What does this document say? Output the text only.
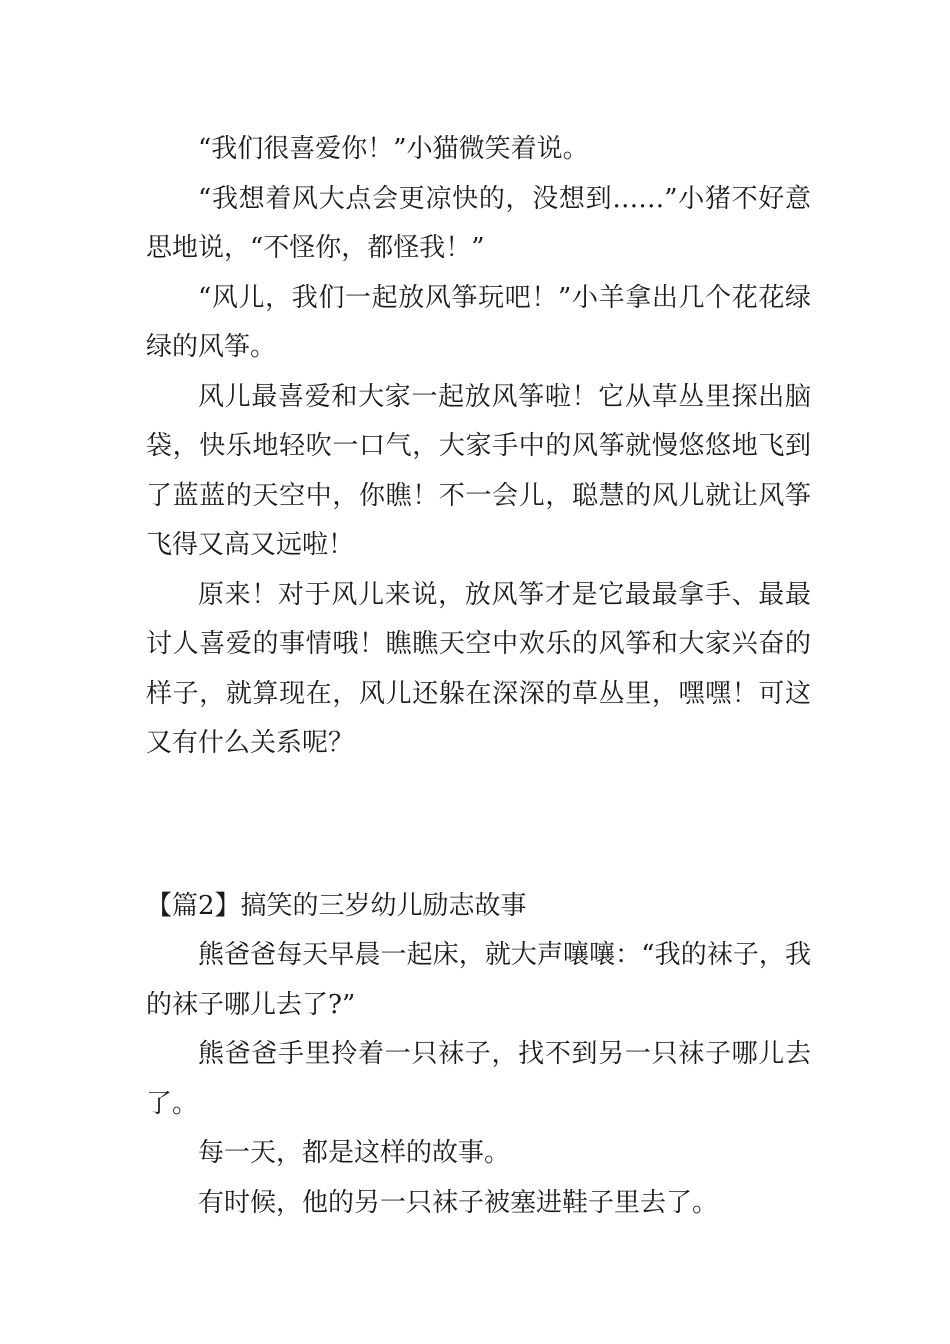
“我们很喜爱你！”小猫微笑着说。

“我想着风大点会更凉快的，没想到……”小猪不好意思地说，“不怪你，都怪我！”

“风儿，我们一起放风筝玩吧！”小羊拿出几个花花绿绿的风筝。

风儿最喜爱和大家一起放风筝啦！它从草丛里探出脑袋，快乐地轻吹一口气，大家手中的风筝就慢悠悠地飞到了蓝蓝的天空中，你瞧！不一会儿，聪慧的风儿就让风筝飞得又高又远啦！

原来！对于风儿来说，放风筝才是它最最拿手、最最讨人喜爱的事情哦！瞧瞧天空中欢乐的风筝和大家兴奋的样子，就算现在，风儿还躲在深深的草丛里，嘿嘿！可这又有什么关系呢？

【篇2】搞笑的三岁幼儿励志故事

熊爸爸每天早晨一起床，就大声嚷嚷：“我的袜子，我的袜子哪儿去了?”

熊爸爸手里拎着一只袜子，找不到另一只袜子哪儿去了。

每一天，都是这样的故事。

有时候，他的另一只袜子被塞进鞋子里去了。
